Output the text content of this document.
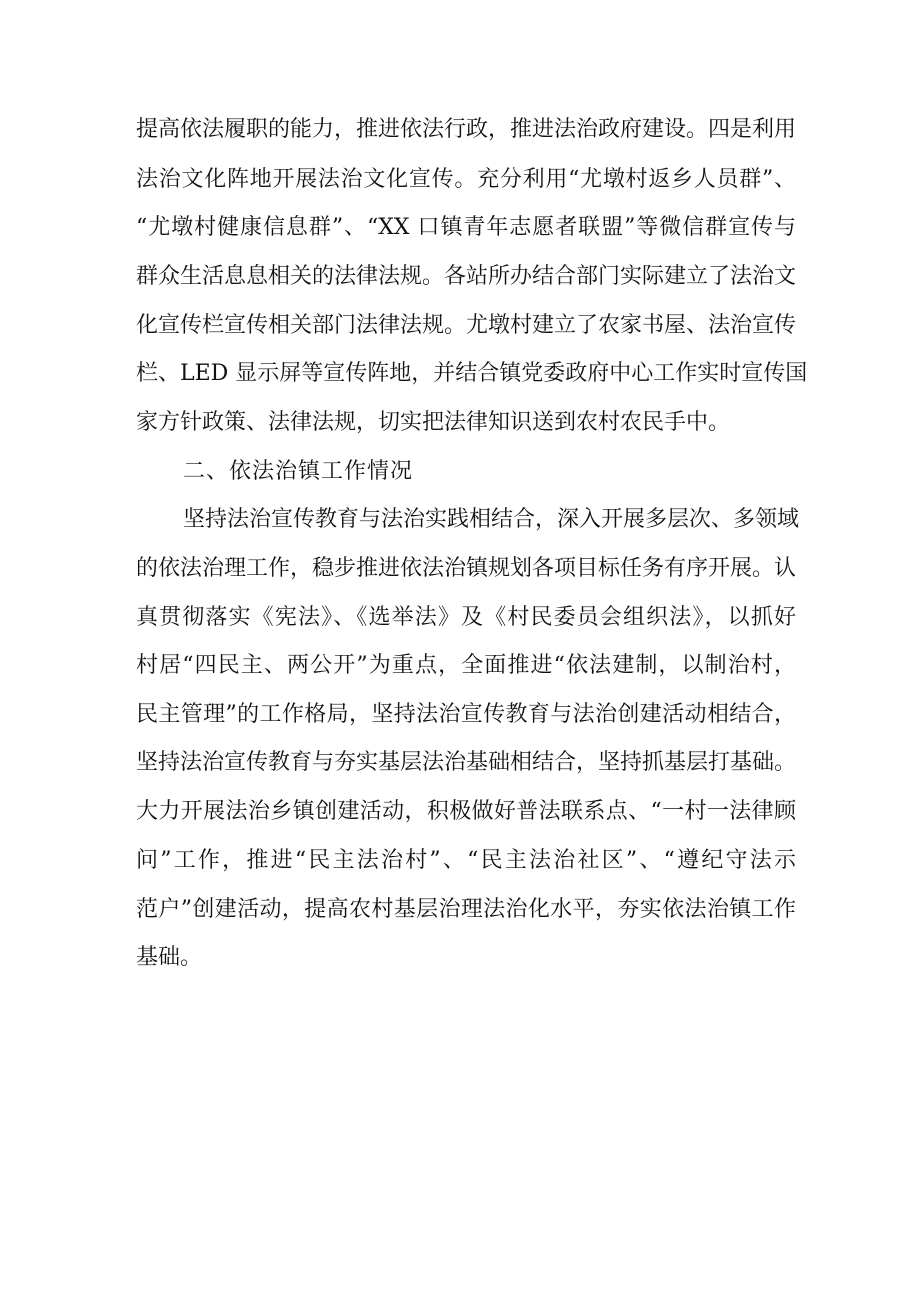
提高依法履职的能力，推进依法行政，推进法治政府建设。四是利用
法治文化阵地开展法治文化宣传。充分利用“尤墩村返乡人员群”、
“尤墩村健康信息群”、“XX 口镇青年志愿者联盟”等微信群宣传与
群众生活息息相关的法律法规。各站所办结合部门实际建立了法治文
化宣传栏宣传相关部门法律法规。尤墩村建立了农家书屋、法治宣传
栏、LED 显示屏等宣传阵地，并结合镇党委政府中心工作实时宣传国
家方针政策、法律法规，切实把法律知识送到农村农民手中。
二、依法治镇工作情况
坚持法治宣传教育与法治实践相结合，深入开展多层次、多领域
的依法治理工作，稳步推进依法治镇规划各项目标任务有序开展。认
真贯彻落实《宪法》、《选举法》及《村民委员会组织法》，以抓好
村居“四民主、两公开”为重点，全面推进“依法建制，以制治村，
民主管理”的工作格局，坚持法治宣传教育与法治创建活动相结合，
坚持法治宣传教育与夯实基层法治基础相结合，坚持抓基层打基础。
大力开展法治乡镇创建活动，积极做好普法联系点、“一村一法律顾
问”工作，推进“民主法治村”、“民主法治社区”、“遵纪守法示
范户”创建活动，提高农村基层治理法治化水平，夯实依法治镇工作
基础。
